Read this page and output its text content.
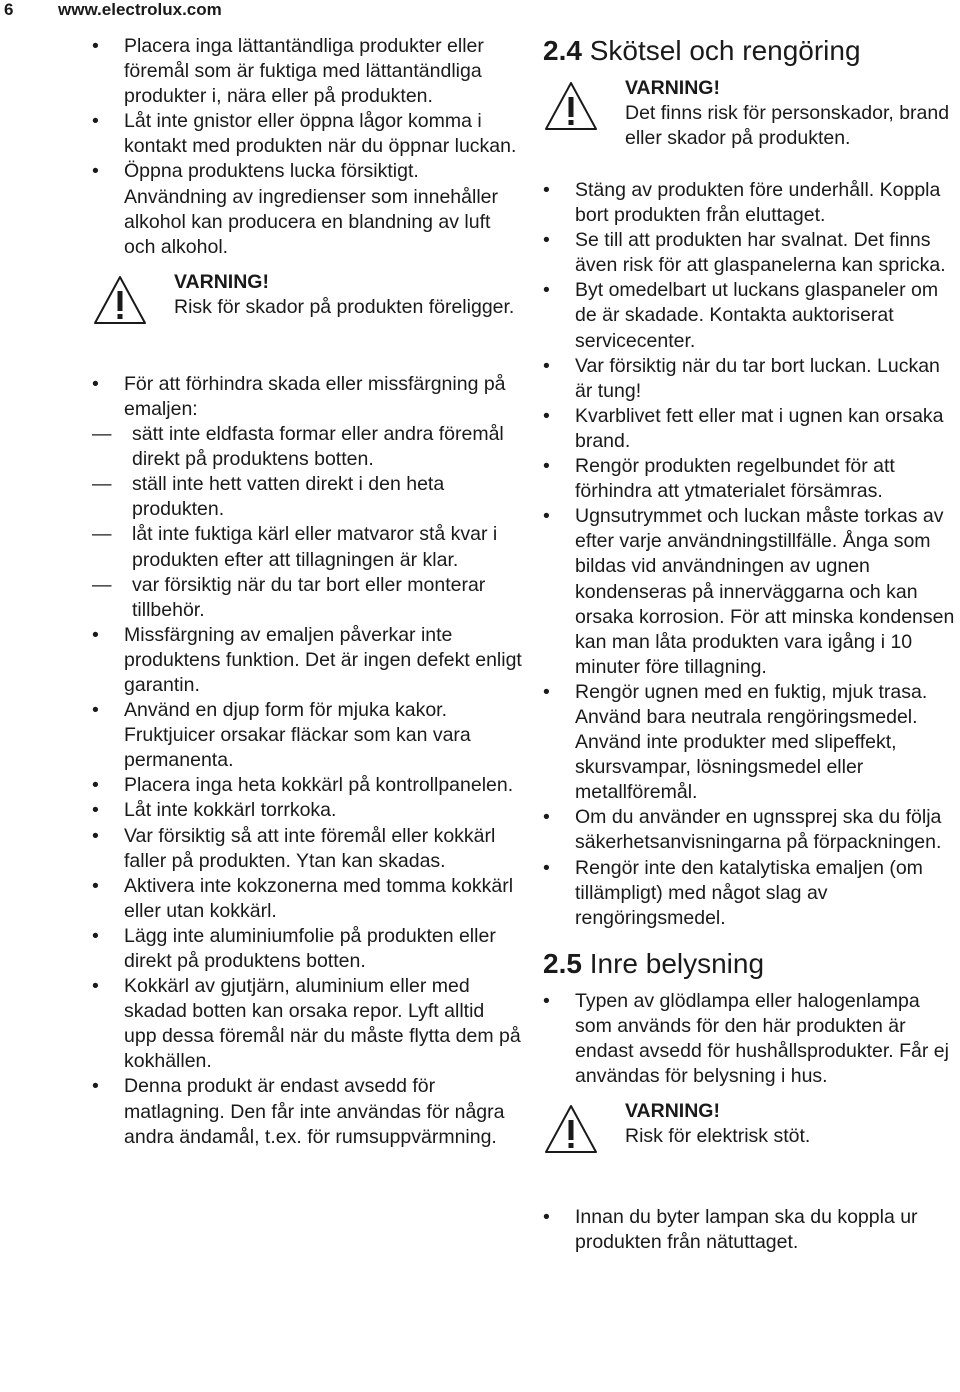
6	www.electrolux.com
• Placera inga lättantändliga produkter eller föremål som är fuktiga med lättantändliga produkter i, nära eller på produkten.
• Låt inte gnistor eller öppna lågor komma i kontakt med produkten när du öppnar luckan.
• Öppna produktens lucka försiktigt. Användning av ingredienser som innehåller alkohol kan producera en blandning av luft och alkohol.
VARNING!
Risk för skador på produkten föreligger.
• För att förhindra skada eller missfärgning på emaljen:
— sätt inte eldfasta formar eller andra föremål direkt på produktens botten.
— ställ inte hett vatten direkt i den heta produkten.
— låt inte fuktiga kärl eller matvaror stå kvar i produkten efter att tillagningen är klar.
— var försiktig när du tar bort eller monterar tillbehör.
• Missfärgning av emaljen påverkar inte produktens funktion. Det är ingen defekt enligt garantin.
• Använd en djup form för mjuka kakor. Fruktjuicer orsakar fläckar som kan vara permanenta.
• Placera inga heta kokkärl på kontrollpanelen.
• Låt inte kokkärl torrkoka.
• Var försiktig så att inte föremål eller kokkärl faller på produkten. Ytan kan skadas.
• Aktivera inte kokzonerna med tomma kokkärl eller utan kokkärl.
• Lägg inte aluminiumfolie på produkten eller direkt på produktens botten.
• Kokkärl av gjutjärn, aluminium eller med skadad botten kan orsaka repor. Lyft alltid upp dessa föremål när du måste flytta dem på kokhällen.
• Denna produkt är endast avsedd för matlagning. Den får inte användas för några andra ändamål, t.ex. för rumsuppvärmning.
2.4 Skötsel och rengöring
VARNING!
Det finns risk för personskador, brand eller skador på produkten.
• Stäng av produkten före underhåll. Koppla bort produkten från eluttaget.
• Se till att produkten har svalnat. Det finns även risk för att glaspanelerna kan spricka.
• Byt omedelbart ut luckans glaspaneler om de är skadade. Kontakta auktoriserat servicecenter.
• Var försiktig när du tar bort luckan. Luckan är tung!
• Kvarblivet fett eller mat i ugnen kan orsaka brand.
• Rengör produkten regelbundet för att förhindra att ytmaterialet försämras.
• Ugnsutrymmet och luckan måste torkas av efter varje användningstillfälle. Ånga som bildas vid användningen av ugnen kondenseras på innerväggarna och kan orsaka korrosion. För att minska kondensen kan man låta produkten vara igång i 10 minuter före tillagning.
• Rengör ugnen med en fuktig, mjuk trasa. Använd bara neutrala rengöringsmedel. Använd inte produkter med slipeffekt, skursvampar, lösningsmedel eller metallföremål.
• Om du använder en ugnssprej ska du följa säkerhetsanvisningarna på förpackningen.
• Rengör inte den katalytiska emaljen (om tillämpligt) med något slag av rengöringsmedel.
2.5 Inre belysning
• Typen av glödlampa eller halogenlampa som används för den här produkten är endast avsedd för hushållsprodukter. Får ej användas för belysning i hus.
VARNING!
Risk för elektrisk stöt.
• Innan du byter lampan ska du koppla ur produkten från nätuttaget.
